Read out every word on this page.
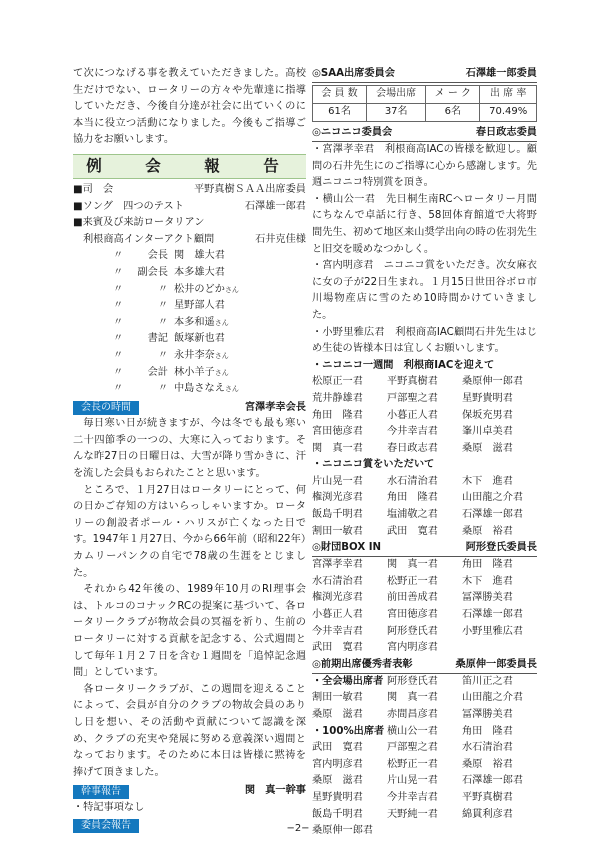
て次につなげる事を教えていただきました。高校生だけでない、ロータリーの方々や先輩達に指導していただき、今後自分達が社会に出ていくのに本当に役立つ活動になりました。今後もご指導ご協力をお願いします。

例　会　報　告
■司　会	平野真樹ＳＡＡ出席委員
■ソング　四つのテスト	石澤雄一郎君
■来賓及び来訪ロータリアン
利根商高インターアクト顧問	石井克佳様
〃	会長 関　雄大君
〃	副会長 本多雄大君
〃	〃 松井のどか さん
〃	〃 星野部人君
〃	〃 本多和遥 さん
〃	書記 飯塚新也君
〃	〃 永井李奈 さん
〃	会計 林小羊子 さん
〃	〃 中島さなえ さん
会長の時間	宮澤孝幸会長

毎日寒い日が続きますが、今は冬でも最も寒い二十四節季の一つの、大寒に入っております。そんな昨27日の日曜日は、大雪が降り雪かきに、汗を流した会員もおられたことと思います。

ところで、１月27日はロータリーにとって、何の日かご存知の方はいらっしゃいますか。ロータリーの創設者ポール・ハリスが亡くなった日です。1947年１月27日、今から66年前（昭和22年）カムリーパンクの自宅で78歳の生涯をとじました。

それから42年後の、1989年10月のRI理事会は、トルコのコナックRCの提案に基づいて、各ロータリークラブが物故会員の冥福を祈り、生前のロータリーに対する貢献を記念する、公式週間として毎年１月２７日を含む１週間を「追悼記念週間」としています。

各ロータリークラブが、この週間を迎えることによって、会員が自分のクラブの物故会員のありし日を想い、その活動や貢献について認識を深め、クラブの充実や発展に努める意義深い週間となっております。そのために本日は皆様に黙祷を捧げて頂きました。

幹事報告	関　真一幹事
・特記事項なし
委員会報告
◎SAA出席委員会	石澤雄一郎委員
会 員 数	会場出席	メ ー ク	出 席 率
61名	37名	6名	70.49%
◎ニコニコ委員会	春日政志委員

・宮澤孝幸君　利根商高IACの皆様を歓迎し。顧問の石井先生にのご指導に心から感謝します。先週ニコニコ特別賞を頂き。

・横山公一君　先日桐生南RCヘロータリー月間にちなんで卓話に行き、58回体育館道で大将野間先生、初めて地区来山奨学出向の時の佐羽先生と旧交を暖めなつかしく。

・宮内明彦君　ニコニコ賞をいただき。次女麻衣に女の子が22日生まれ。１月15日世田谷ボロ市川場物産店に雪のため10時間かけていきました。

・小野里雅広君　利根商高IAC顧問石井先生はじめ生徒の皆様本日は宜しくお願いします。

・ニコニコ一週間　利根商IACを迎えて
松原正一君	平野真樹君	桑原伸一郎君
荒井静雄君	戸部聖之君	星野貴明君
角田　隆君	小暮正人君	保坂充男君
宮田徳彦君	今井幸吉君	峯川卓美君
関　真一君	春日政志君	桑原　滋君
・ニコニコ賞をいただいて
片山晃一君	水石清治君	木下　進君
権渕光彦君	角田　隆君	山田龍之介君
飯島千明君	塩浦敬之君	石澤雄一郎君
割田一敏君	武田　寛君	桑原　裕君
◎財団BOX IN	阿形登氏委員長
宮澤孝幸君	関　真一君	角田　隆君
水石清治君	松野正一君	木下　進君
権渕光彦君	前田善成君	冨澤勝美君
小暮正人君	宮田徳彦君	石澤雄一郎君
今井幸吉君	阿形登氏君	小野里雅広君
武田　寛君	宮内明彦君
◎前期出席優秀者表彰	桑原伸一郎委員長
・全会場出席者 阿形登氏君	笛川正之君
割田一敏君	関　真一君	山田龍之介君
桑原　滋君	赤間昌彦君	冨澤勝美君
・100%出席者 横山公一君	角田　隆君
武田　寛君	戸部聖之君	水石清治君
宮内明彦君	松野正一君	桑原　裕君
桑原　滋君	片山晃一君	石澤雄一郎君
星野貴明君	今井幸吉君	平野真樹君
飯島千明君	天野純一君	綿貫利彦君
桑原伸一郎君
−2−
